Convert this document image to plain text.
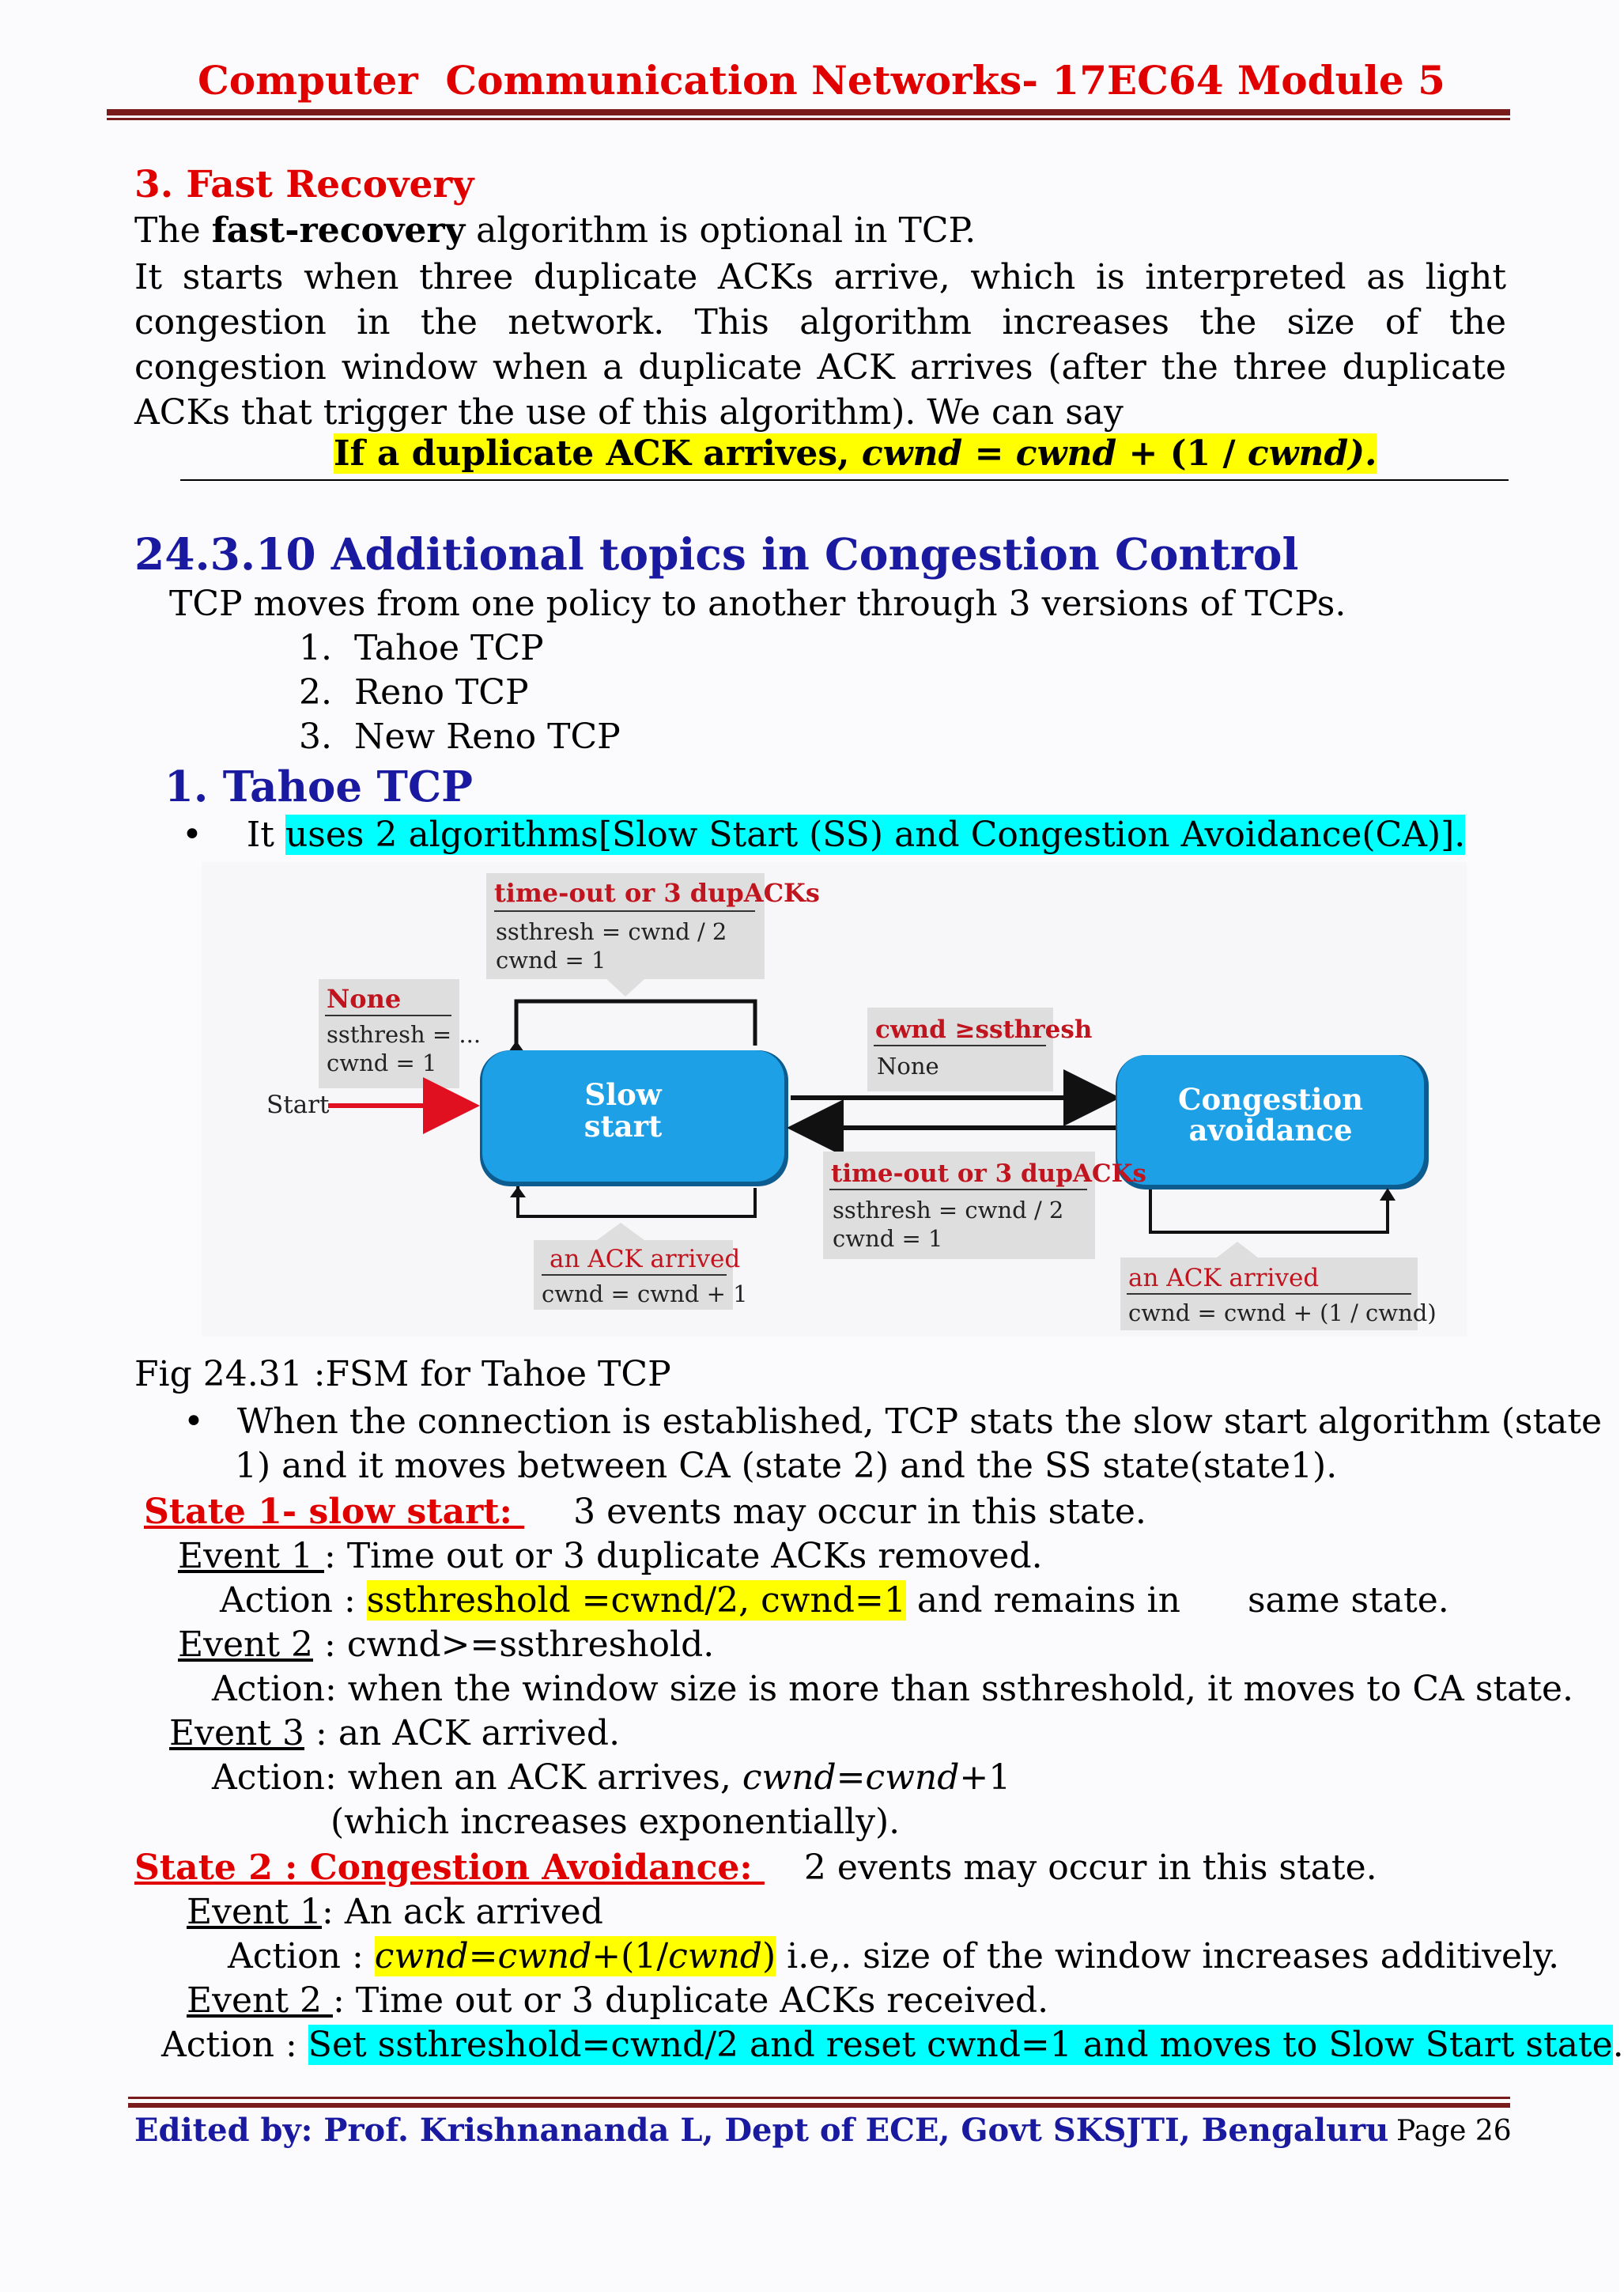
Computer  Communication Networks- 17EC64 Module 5
3. Fast Recovery
The fast-recovery algorithm is optional in TCP.
It starts when three duplicate ACKs arrive, which is interpreted as light congestion in the network. This algorithm increases the size of the congestion window when a duplicate ACK arrives (after the three duplicate ACKs that trigger the use of this algorithm). We can say
If a duplicate ACK arrives, cwnd = cwnd + (1 / cwnd).
24.3.10 Additional topics in Congestion Control
TCP moves from one policy to another through 3 versions of TCPs.
1. Tahoe TCP
2. Reno TCP
3. New Reno TCP
1. Tahoe TCP
•    It uses 2 algorithms[Slow Start (SS) and Congestion Avoidance(CA)].
time-out or 3 dupACKs
ssthresh = cwnd / 2
cwnd = 1
None
ssthresh = ...
cwnd = 1
Start	Slow
start
cwnd ≥ssthresh
None
Congestion
avoidance
time-out or 3 dupACKs
ssthresh = cwnd / 2
cwnd = 1
an ACK arrived
cwnd = cwnd + 1
an ACK arrived
cwnd = cwnd + (1 / cwnd)
Fig 24.31 :FSM for Tahoe TCP
•   When the connection is established, TCP stats the slow start algorithm (state
1) and it moves between CA (state 2) and the SS state(state1).
State 1- slow start: 3 events may occur in this state.
Event 1 : Time out or 3 duplicate ACKs removed.
Action : ssthreshold =cwnd/2, cwnd=1 and remains in same state.
Event 2 : cwnd>=ssthreshold.
Action: when the window size is more than ssthreshold, it moves to CA state.
Event 3 : an ACK arrived.
Action: when an ACK arrives, cwnd=cwnd+1
(which increases exponentially).
State 2 : Congestion Avoidance: 2 events may occur in this state.
Event 1: An ack arrived
Action : cwnd=cwnd+(1/cwnd) i.e,. size of the window increases additively.
Event 2 : Time out or 3 duplicate ACKs received.
Action : Set ssthreshold=cwnd/2 and reset cwnd=1 and moves to Slow Start state.
Edited by: Prof. Krishnananda L, Dept of ECE, Govt SKSJTI, Bengaluru Page 26
